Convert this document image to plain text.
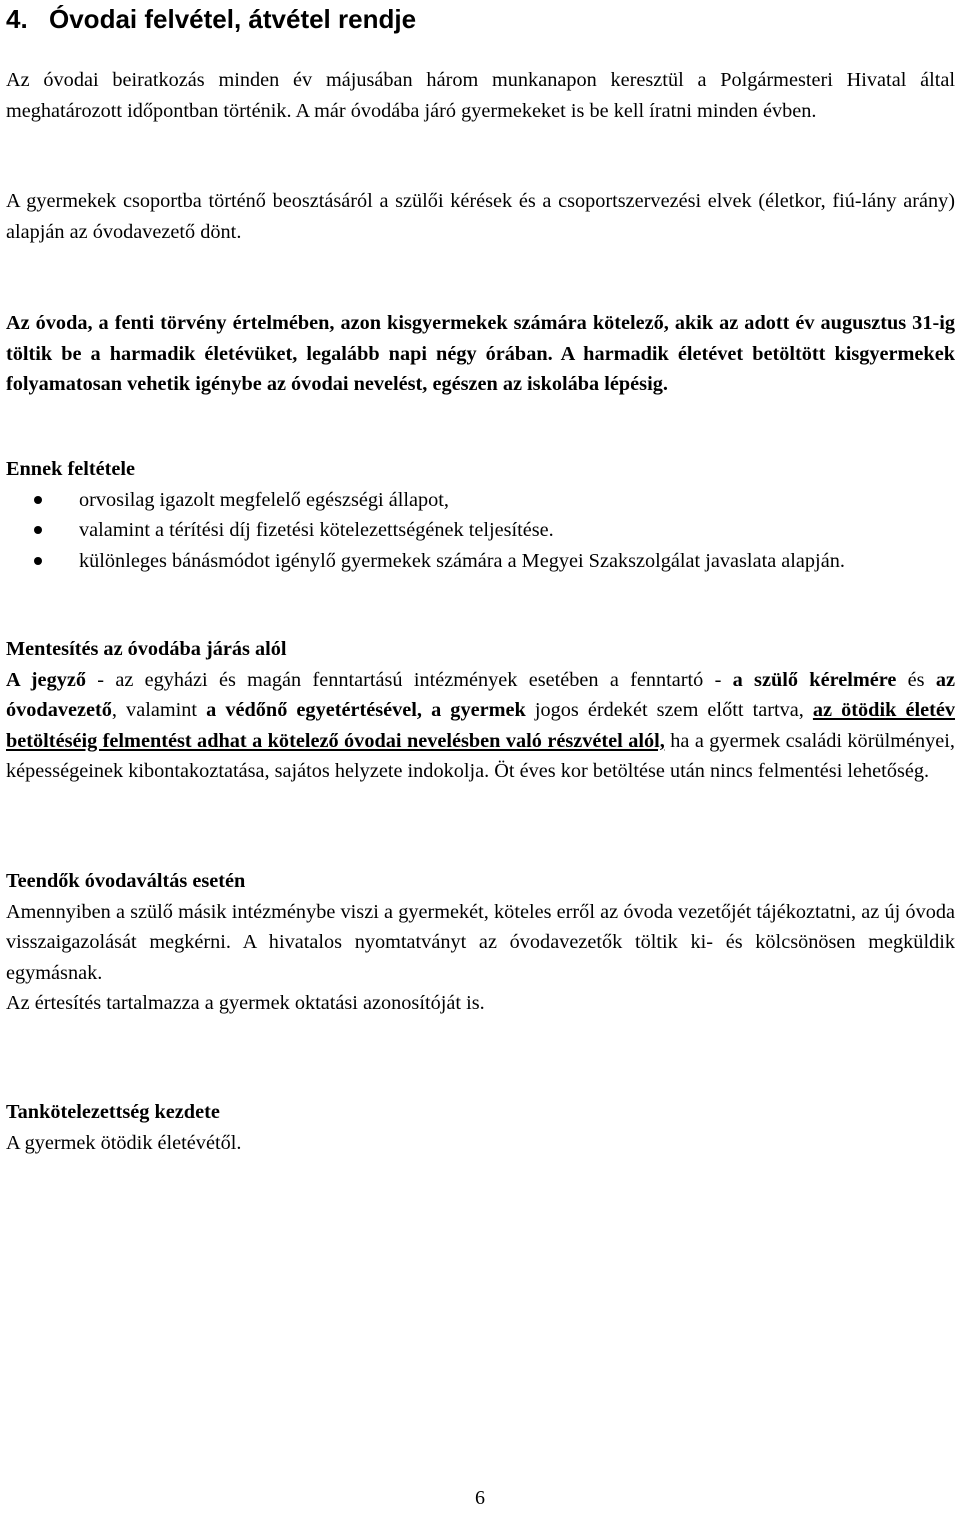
4. Óvodai felvétel, átvétel rendje
Az óvodai beiratkozás minden év májusában három munkanapon keresztül a Polgármesteri Hivatal által meghatározott időpontban történik. A már óvodába járó gyermekeket is be kell íratni minden évben.
A gyermekek csoportba történő beosztásáról a szülői kérések és a csoportszervezési elvek (életkor, fiú-lány arány) alapján az óvodavezető dönt.
Az óvoda, a fenti törvény értelmében, azon kisgyermekek számára kötelező, akik az adott év augusztus 31-ig töltik be a harmadik életévüket, legalább napi négy órában. A harmadik életévet betöltött kisgyermekek folyamatosan vehetik igénybe az óvodai nevelést, egészen az iskolába lépésig.
Ennek feltétele
orvosilag igazolt megfelelő egészségi állapot,
valamint a térítési díj fizetési kötelezettségének teljesítése.
különleges bánásmódot igénylő gyermekek számára a Megyei Szakszolgálat javaslata alapján.
Mentesítés az óvodába járás alól
A jegyző - az egyházi és magán fenntartású intézmények esetében a fenntartó - a szülő kérelmére és az óvodavezető, valamint a védőnő egyetértésével, a gyermek jogos érdekét szem előtt tartva, az ötödik életév betöltéséig felmentést adhat a kötelező óvodai nevelésben való részvétel alól, ha a gyermek családi körülményei, képességeinek kibontakoztatása, sajátos helyzete indokolja. Öt éves kor betöltése után nincs felmentési lehetőség.
Teendők óvodaváltás esetén
Amennyiben a szülő másik intézménybe viszi a gyermekét, köteles erről az óvoda vezetőjét tájékoztatni, az új óvoda visszaigazolását megkérni. A hivatalos nyomtatványt az óvodavezetők töltik ki- és kölcsönösen megküldik egymásnak.
Az értesítés tartalmazza a gyermek oktatási azonosítóját is.
Tankötelezettség kezdete
A gyermek ötödik életévétől.
6
